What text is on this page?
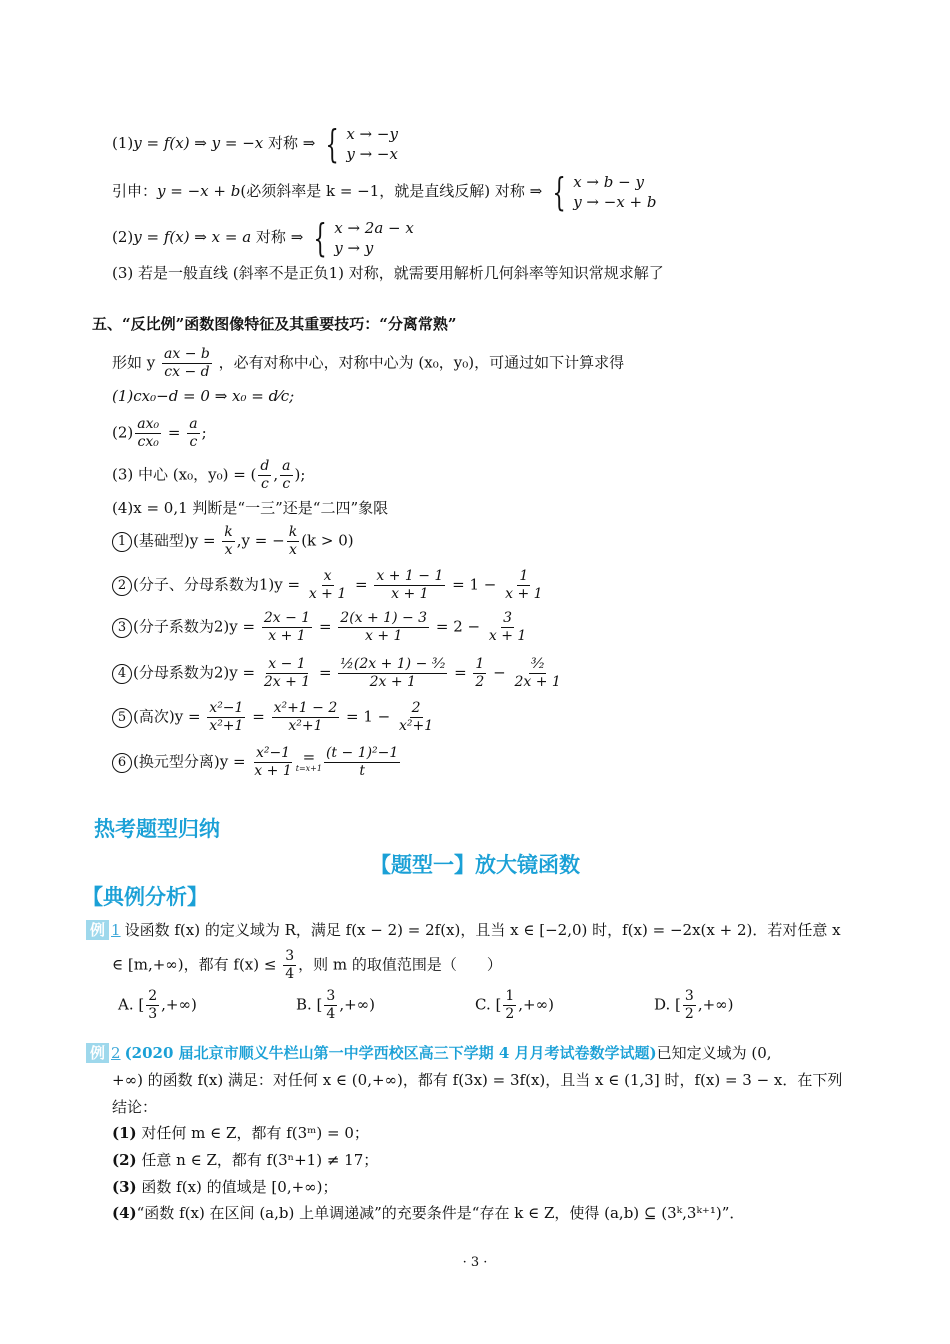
(1)y = f(x) ⇒ y = −x 对称 ⇒ { x → −y
y → −x
引申：y = −x + b(必须斜率是 k = −1，就是直线反解) 对称 ⇒ { x → b − y
y → −x + b
(2)y = f(x) ⇒ x = a 对称 ⇒ { x → 2a − x
y → y
(3) 若是一般直线 (斜率不是正负1) 对称，就需要用解析几何斜率等知识常规求解了
五、“反比例”函数图像特征及其重要技巧：“分离常熟”
形如 y $\frac{ax - b}{cx - d}$ ，必有对称中心，对称中心为 (x₀，y₀)，可通过如下计算求得
(1)cx₀−d = 0 ⇒ x₀ = d⁄c;
$(2) \frac{\text{ax₀}}{\text{cx₀}} = \frac{a}{c}$ ;
(3) 中心 (x₀，y₀) = ( $\frac{d}{c}$ , $\frac{a}{c}$ );
(4)x = 0,1 判断是“一三”还是“二四”象限
1 (基础型)$y = \frac{k}{x} ,y$ = − $\frac{k}{x} (k > 0)$
2 (分子、分母系数为$1)y = \frac{x}{x + 1} = \frac{x + 1 - 1}{x + 1} = 1 - \frac{1}{x + 1}$
3 (分子系数为$2)y = \frac{2x - 1}{x + 1} = \frac{2(x + 1) - 3}{x + 1} = 2 - \frac{3}{x + 1}$
4 (分母系数为$2)y = \frac{x - 1}{2x + 1} = \frac{\text{½(2x + 1) − ³⁄₂}}{2x + 1} = \frac{1}{2} - \frac{\text{³⁄₂}}{2x + 1}$
5 (高次)$y = \frac{\text{x²−1}}{\text{x²+1}} = \frac{\text{x²+1 − 2}}{\text{x²+1}} = 1 - \frac{2}{\text{x²+1}}$
6 (换元型分离)$y = \frac{\text{x²−1}}{x + 1}$ =
$t=x+1 \frac{\text{(t − 1)²−1}}{t}$
热考题型归纳
【题型一】放大镜函数
【典例分析】
例 1 设函数 f(x) 的定义域为 R，满足 f(x − 2) = 2f(x)，且当 x ∈ [−2,0) 时，f(x) = −2x(x + 2)．若对任意 x
∈ [m,+∞)，都有 $f(x) \le \frac{3}{4}$ ，则 m 的取值范围是（　　）
A. [ $\frac{2}{3}$ ,+∞)	B. [ $\frac{3}{4}$ ,+∞)	C. [ $\frac{1}{2}$ ,+∞)	D. [ $\frac{3}{2}$ ,+∞)
例 2 (2020 届北京市顺义牛栏山第一中学西校区高三下学期 4 月月考试卷数学试题)已知定义域为 (0,
+∞) 的函数 f(x) 满足：对任何 x ∈ (0,+∞)，都有 f(3x) = 3f(x)，且当 x ∈ (1,3] 时，f(x) = 3 − x．在下列
结论：
(1) 对任何 m ∈ Z，都有 f(3ᵐ) = 0；
(2) 任意 n ∈ Z，都有 f(3ⁿ+1) ≠ 17；
(3) 函数 f(x) 的值域是 [0,+∞)；
(4)“函数 f(x) 在区间 (a,b) 上单调递减”的充要条件是“存在 k ∈ Z，使得 (a,b) ⊆ (3ᵏ,3ᵏ⁺¹)”．
· 3 ·
